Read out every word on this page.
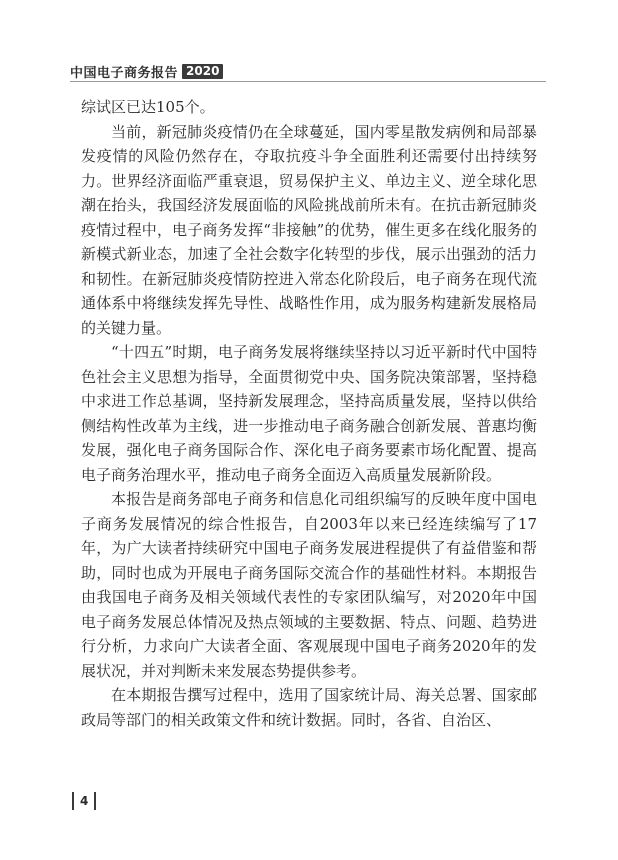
中国电子商务报告 2020

综试区已达105个。

当前，新冠肺炎疫情仍在全球蔓延，国内零星散发病例和局部暴发疫情的风险仍然存在，夺取抗疫斗争全面胜利还需要付出持续努力。世界经济面临严重衰退，贸易保护主义、单边主义、逆全球化思潮在抬头，我国经济发展面临的风险挑战前所未有。在抗击新冠肺炎疫情过程中，电子商务发挥“非接触”的优势，催生更多在线化服务的新模式新业态，加速了全社会数字化转型的步伐，展示出强劲的活力和韧性。在新冠肺炎疫情防控进入常态化阶段后，电子商务在现代流通体系中将继续发挥先导性、战略性作用，成为服务构建新发展格局的关键力量。

“十四五”时期，电子商务发展将继续坚持以习近平新时代中国特色社会主义思想为指导，全面贯彻党中央、国务院决策部署，坚持稳中求进工作总基调，坚持新发展理念，坚持高质量发展，坚持以供给侧结构性改革为主线，进一步推动电子商务融合创新发展、普惠均衡发展，强化电子商务国际合作、深化电子商务要素市场化配置、提高电子商务治理水平，推动电子商务全面迈入高质量发展新阶段。

本报告是商务部电子商务和信息化司组织编写的反映年度中国电子商务发展情况的综合性报告，自2003年以来已经连续编写了17年，为广大读者持续研究中国电子商务发展进程提供了有益借鉴和帮助，同时也成为开展电子商务国际交流合作的基础性材料。本期报告由我国电子商务及相关领域代表性的专家团队编写，对2020年中国电子商务发展总体情况及热点领域的主要数据、特点、问题、趋势进行分析，力求向广大读者全面、客观展现中国电子商务2020年的发展状况，并对判断未来发展态势提供参考。

在本期报告撰写过程中，选用了国家统计局、海关总署、国家邮政局等部门的相关政策文件和统计数据。同时，各省、自治区、

4
